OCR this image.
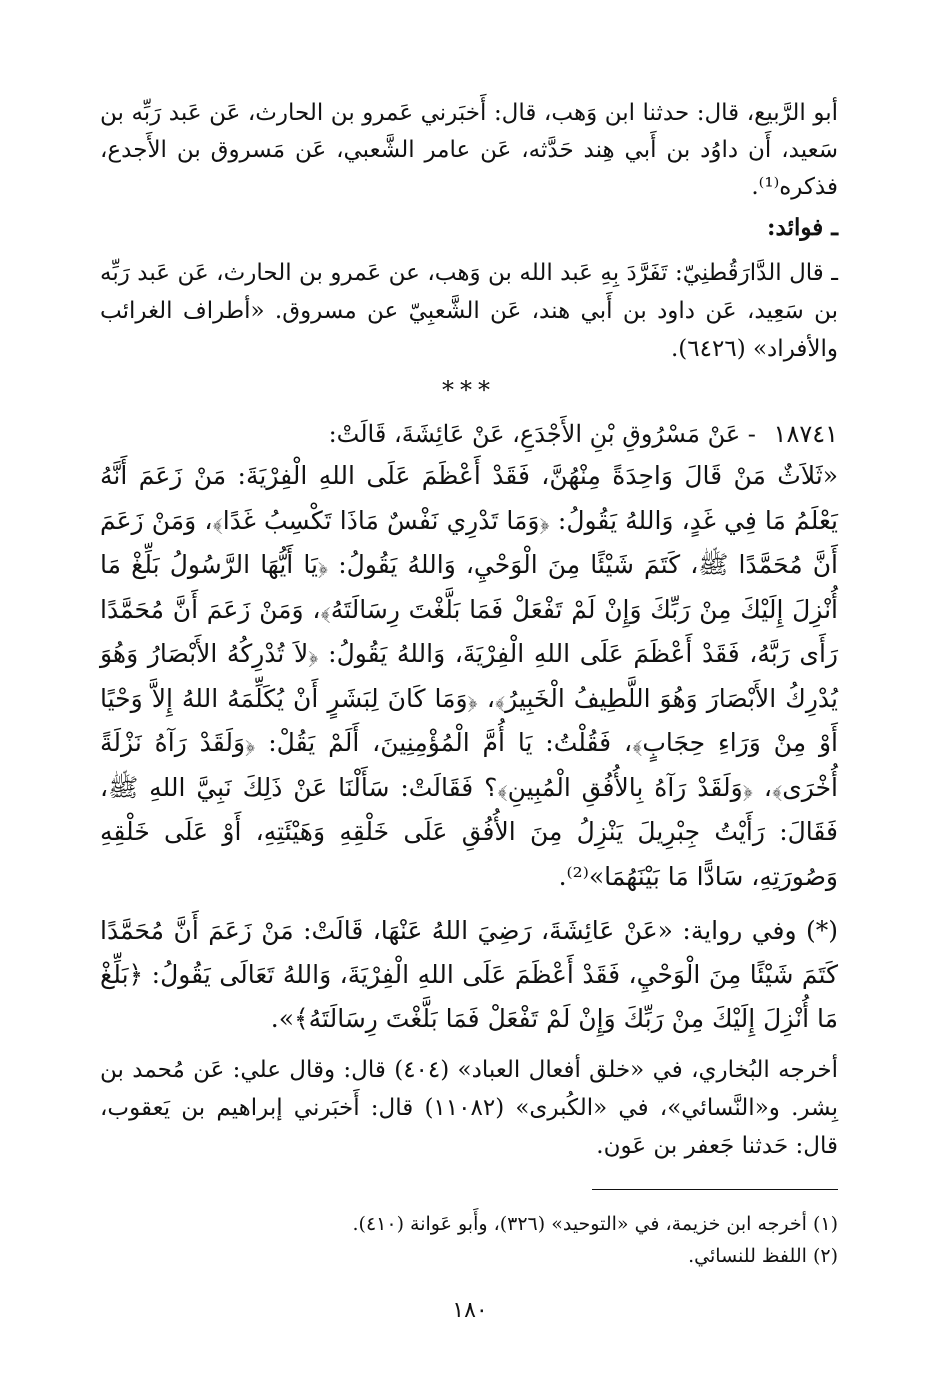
أبو الرَّبيع، قال: حدثنا ابن وَهب، قال: أَخبَرني عَمرو بن الحارث، عَن عَبد رَبِّه بن سَعيد، أَن داوُد بن أَبي هِند حَدَّثه، عَن عامر الشَّعبي، عَن مَسروق بن الأَجدع، فذكره⁽¹⁾.

ـ فوائد:

ـ قال الدَّارَقُطنِيّ: تَفَرَّدَ بِهِ عَبد الله بن وَهب، عن عَمرو بن الحارث، عَن عَبد رَبِّه بن سَعِيد، عَن داود بن أَبي هند، عَن الشَّعبِيّ عن مسروق. «أطراف الغرائب والأفراد» (٦٤٢٦).

***
١٨٧٤١ - عَنْ مَسْرُوقِ بْنِ الأَجْدَعِ، عَنْ عَائِشَةَ، قَالَتْ:

«ثَلاَثٌ مَنْ قَالَ وَاحِدَةً مِنْهُنَّ، فَقَدْ أَعْظَمَ عَلَى اللهِ الْفِرْيَةَ: مَنْ زَعَمَ أَنَّهُ يَعْلَمُ مَا فِي غَدٍ، وَاللهُ يَقُولُ: ﴿وَمَا تَدْرِي نَفْسٌ مَاذَا تَكْسِبُ غَدًا﴾، وَمَنْ زَعَمَ أَنَّ مُحَمَّدًا ﷺ، كَتَمَ شَيْئًا مِنَ الْوَحْيِ، وَاللهُ يَقُولُ: ﴿يَا أَيُّهَا الرَّسُولُ بَلِّغْ مَا أُنْزِلَ إِلَيْكَ مِنْ رَبِّكَ وَإِنْ لَمْ تَفْعَلْ فَمَا بَلَّغْتَ رِسَالَتَهُ﴾، وَمَنْ زَعَمَ أَنَّ مُحَمَّدًا رَأَى رَبَّهُ، فَقَدْ أَعْظَمَ عَلَى اللهِ الْفِرْيَةَ، وَاللهُ يَقُولُ: ﴿لاَ تُدْرِكُهُ الأَبْصَارُ وَهُوَ يُدْرِكُ الأَبْصَارَ وَهُوَ اللَّطِيفُ الْخَبِيرُ﴾، ﴿وَمَا كَانَ لِبَشَرٍ أَنْ يُكَلِّمَهُ اللهُ إِلاَّ وَحْيًا أَوْ مِنْ وَرَاءِ حِجَابٍ﴾، فَقُلْتُ: يَا أُمَّ الْمُؤْمِنِينَ، أَلَمْ يَقُلْ: ﴿وَلَقَدْ رَآهُ نَزْلَةً أُخْرَى﴾، ﴿وَلَقَدْ رَآهُ بِالأُفُقِ الْمُبِينِ﴾؟ فَقَالَتْ: سَأَلْنَا عَنْ ذَلِكَ نَبِيَّ اللهِ ﷺ، فَقَالَ: رَأَيْتُ جِبْرِيلَ يَنْزِلُ مِنَ الأُفُقِ عَلَى خَلْقِهِ وَهَيْئَتِهِ، أَوْ عَلَى خَلْقِهِ وَصُورَتِهِ، سَادًّا مَا بَيْنَهُمَا»⁽²⁾.

(*) وفي رواية: «عَنْ عَائِشَةَ، رَضِيَ اللهُ عَنْهَا، قَالَتْ: مَنْ زَعَمَ أَنَّ مُحَمَّدًا كَتَمَ شَيْئًا مِنَ الْوَحْيِ، فَقَدْ أَعْظَمَ عَلَى اللهِ الْفِرْيَةَ، وَاللهُ تَعَالَى يَقُولُ: ﴿بَلِّغْ مَا أُنْزِلَ إِلَيْكَ مِنْ رَبِّكَ وَإِنْ لَمْ تَفْعَلْ فَمَا بَلَّغْتَ رِسَالَتَهُ﴾».

أخرجه البُخاري، في «خلق أفعال العباد» (٤٠٤) قال: وقال علي: عَن مُحمد بن بِشر. و«النَّسائي»، في «الكُبرى» (١١٠٨٢) قال: أَخبَرني إبراهيم بن يَعقوب، قال: حَدثنا جَعفر بن عَون.

(١) أخرجه ابن خزيمة، في «التوحيد» (٣٢٦)، وأَبو عَوانة (٤١٠).
(٢) اللفظ للنسائي.
١٨٠
